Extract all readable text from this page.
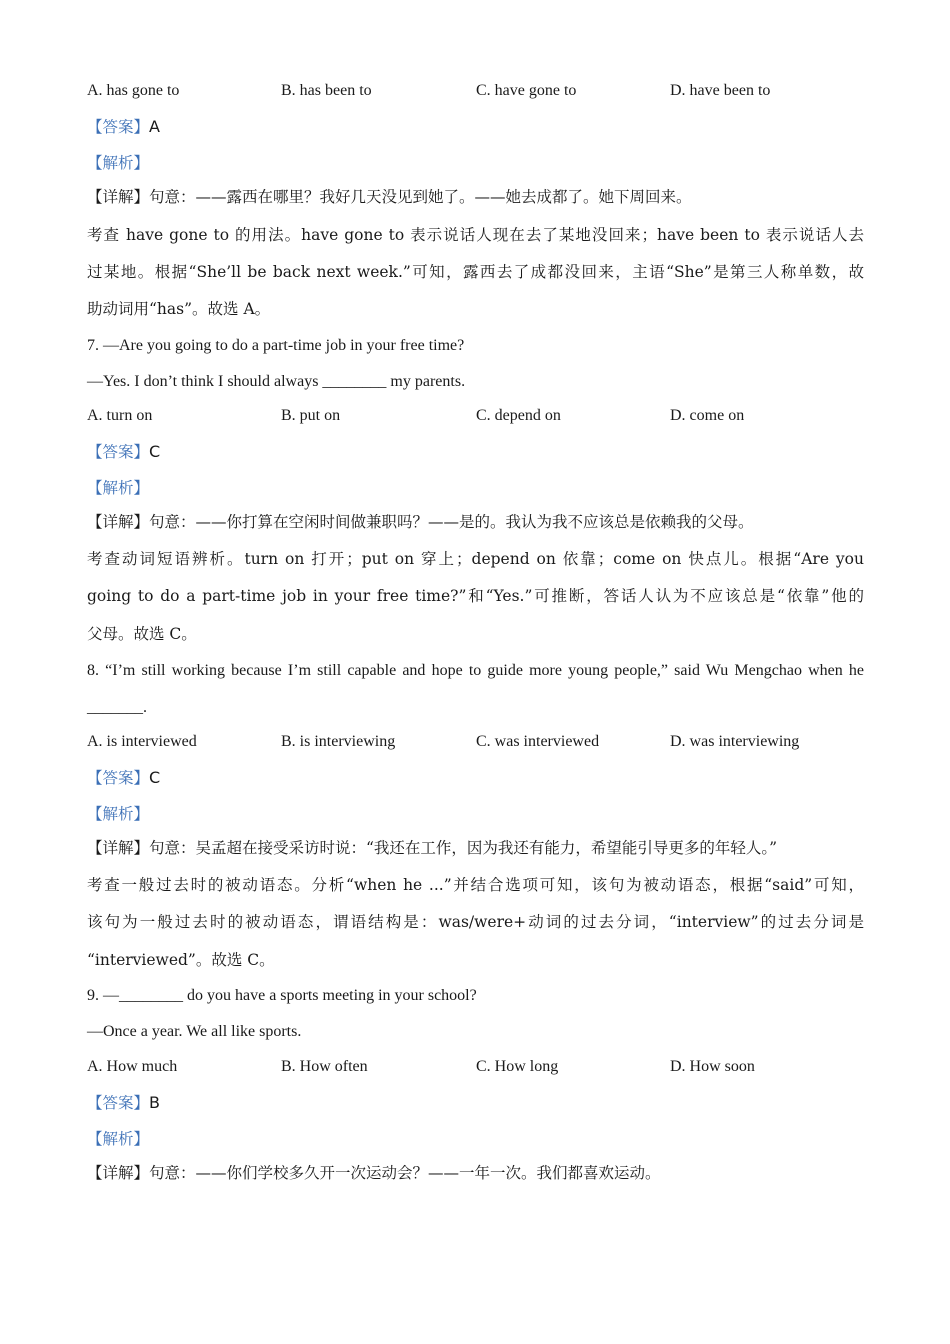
A. has gone to	B. has been to	C. have gone to	D. have been to
【答案】A
【解析】
【详解】句意：——露西在哪里？我好几天没见到她了。——她去成都了。她下周回来。
考查 have gone to 的用法。have gone to 表示说话人现在去了某地没回来；have been to 表示说话人去
过某地。根据“She’ll be back next week.”可知，露西去了成都没回来，主语“She”是第三人称单数，故
助动词用“has”。故选 A。
7. —Are you going to do a part-time job in your free time?
—Yes. I don’t think I should always ________ my parents.
A. turn on	B. put on	C. depend on	D. come on
【答案】C
【解析】
【详解】句意：——你打算在空闲时间做兼职吗？——是的。我认为我不应该总是依赖我的父母。
考查动词短语辨析。turn on 打开；put on 穿上；depend on 依靠；come on 快点儿。根据“Are you
going to do a part-time job in your free time?”和“Yes.”可推断，答话人认为不应该总是“依靠”他的
父母。故选 C。
8. “I’m still working because I’m still capable and hope to guide more young people,” said Wu Mengchao when he
_______.
A. is interviewed	B. is interviewing	C. was interviewed	D. was interviewing
【答案】C
【解析】
【详解】句意：吴孟超在接受采访时说：“我还在工作，因为我还有能力，希望能引导更多的年轻人。”
考查一般过去时的被动语态。分析“when he ...”并结合选项可知，该句为被动语态，根据“said”可知，
该句为一般过去时的被动语态，谓语结构是：was/were+动词的过去分词，“interview”的过去分词是
“interviewed”。故选 C。
9. —________ do you have a sports meeting in your school?
—Once a year. We all like sports.
A. How much	B. How often	C. How long	D. How soon
【答案】B
【解析】
【详解】句意：——你们学校多久开一次运动会？——一年一次。我们都喜欢运动。
